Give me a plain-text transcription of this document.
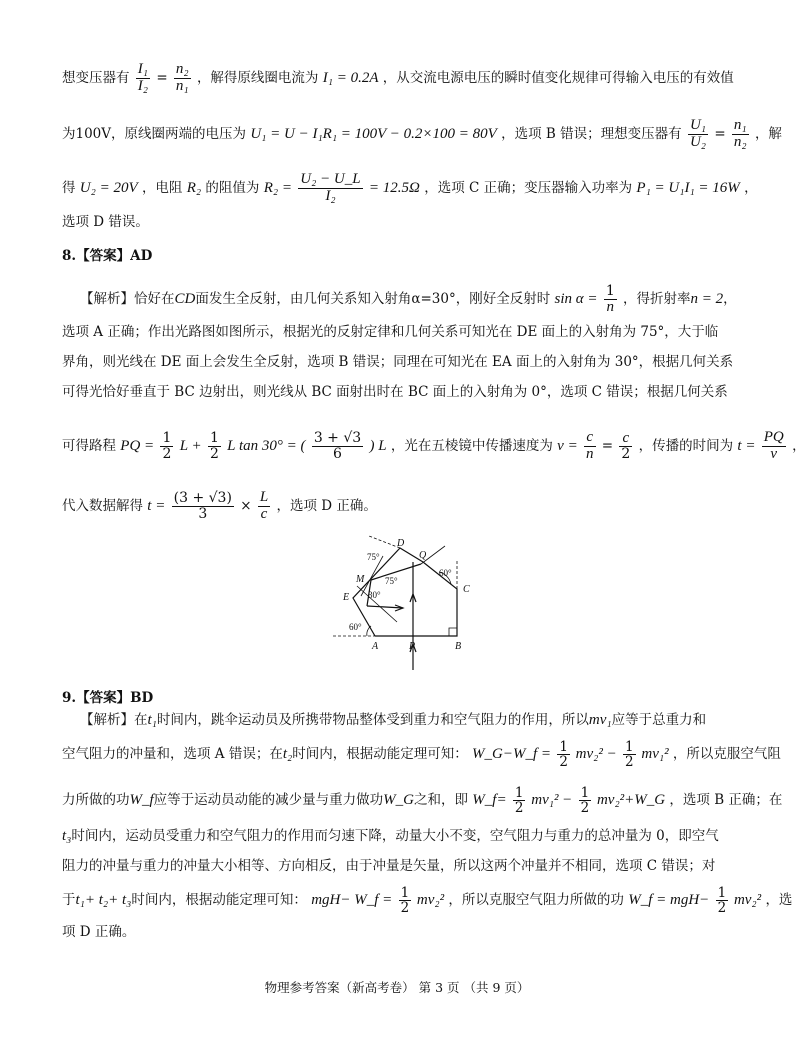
想变压器有 $\frac{\text{I₁}}{\text{I₂}} = \frac{\text{n₂}}{\text{n₁}}$ ，解得原线圈电流为 I₁ = 0.2A ，从交流电源电压的瞬时值变化规律可得输入电压的有效值
为100V，原线圈两端的电压为 U₁ = U − I₁R₁ = 100V − 0.2×100 = 80V ，选项 B 错误；理想变压器有 $\frac{\text{U₁}}{\text{U₂}} = \frac{\text{n₁}}{\text{n₂}}$ ，解
得 U₂ = 20V ，电阻 R₂ 的阻值为 $R_2 = \frac{\text{U₂ − U\_L}}{\text{I₂}} = 12.5\Omega$ ，选项 C 正确；变压器输入功率为 P₁ = U₁I₁ = 16W ，
选项 D 错误。
8.【答案】AD
【解析】恰好在CD面发生全反射，由几何关系知入射角α=30°，刚好全反射时 $\sin \alpha = \frac{1}{n}$ ，得折射率n = 2，
选项 A 正确；作出光路图如图所示，根据光的反射定律和几何关系可知光在 DE 面上的入射角为 75°，大于临
界角，则光线在 DE 面上会发生全反射，选项 B 错误；同理在可知光在 EA 面上的入射角为 30°，根据几何关系
可得光恰好垂直于 BC 边射出，则光线从 BC 面射出时在 BC 面上的入射角为 0°，选项 C 错误；根据几何关系
可得路程 PQ = $\frac{1}{2}$ $L + \frac{1}{2}$ L tan 30° = ( $\frac{3 + √3}{6}$ ) L ，光在五棱镜中传播速度为 $v = \frac{c}{n} = \frac{c}{2}$ ，传播的时间为 $t = \frac{PQ}{v}$ ，
代入数据解得 $t = \frac{(3 + √3)}{3} \times \frac{L}{c}$ ，选项 D 正确。
D
Q
75°
M 75°
60°
C
E 30°
60°
A	P	B
9.【答案】BD
【解析】在t₁时间内，跳伞运动员及所携带物品整体受到重力和空气阻力的作用，所以mv₁应等于总重力和
空气阻力的冲量和，选项 A 错误；在t₂时间内，根据动能定理可知： W_G−W_f = $\frac{1}{2} mv_2^2 - \frac{1}{2} mv_1^2$ ，所以克服空气阻
力所做的功W_f应等于运动员动能的减少量与重力做功W_G之和，即 W_f= $\frac{1}{2} mv_1^2 - \frac{1}{2}$ mv₂²+W_G ，选项 B 正确；在
t₃时间内，运动员受重力和空气阻力的作用而匀速下降，动量大小不变，空气阻力与重力的总冲量为 0，即空气
阻力的冲量与重力的冲量大小相等、方向相反，由于冲量是矢量，所以这两个冲量并不相同，选项 C 错误；对
于t₁+ t₂+ t₃时间内，根据动能定理可知： mgH− W_f = $\frac{1}{2} mv_2^2$ ，所以克服空气阻力所做的功 W_f = $mgH- \frac{1}{2} mv_2^2$ ，选
项 D 正确。
物理参考答案（新高考卷） 第 3 页 （共 9 页）
